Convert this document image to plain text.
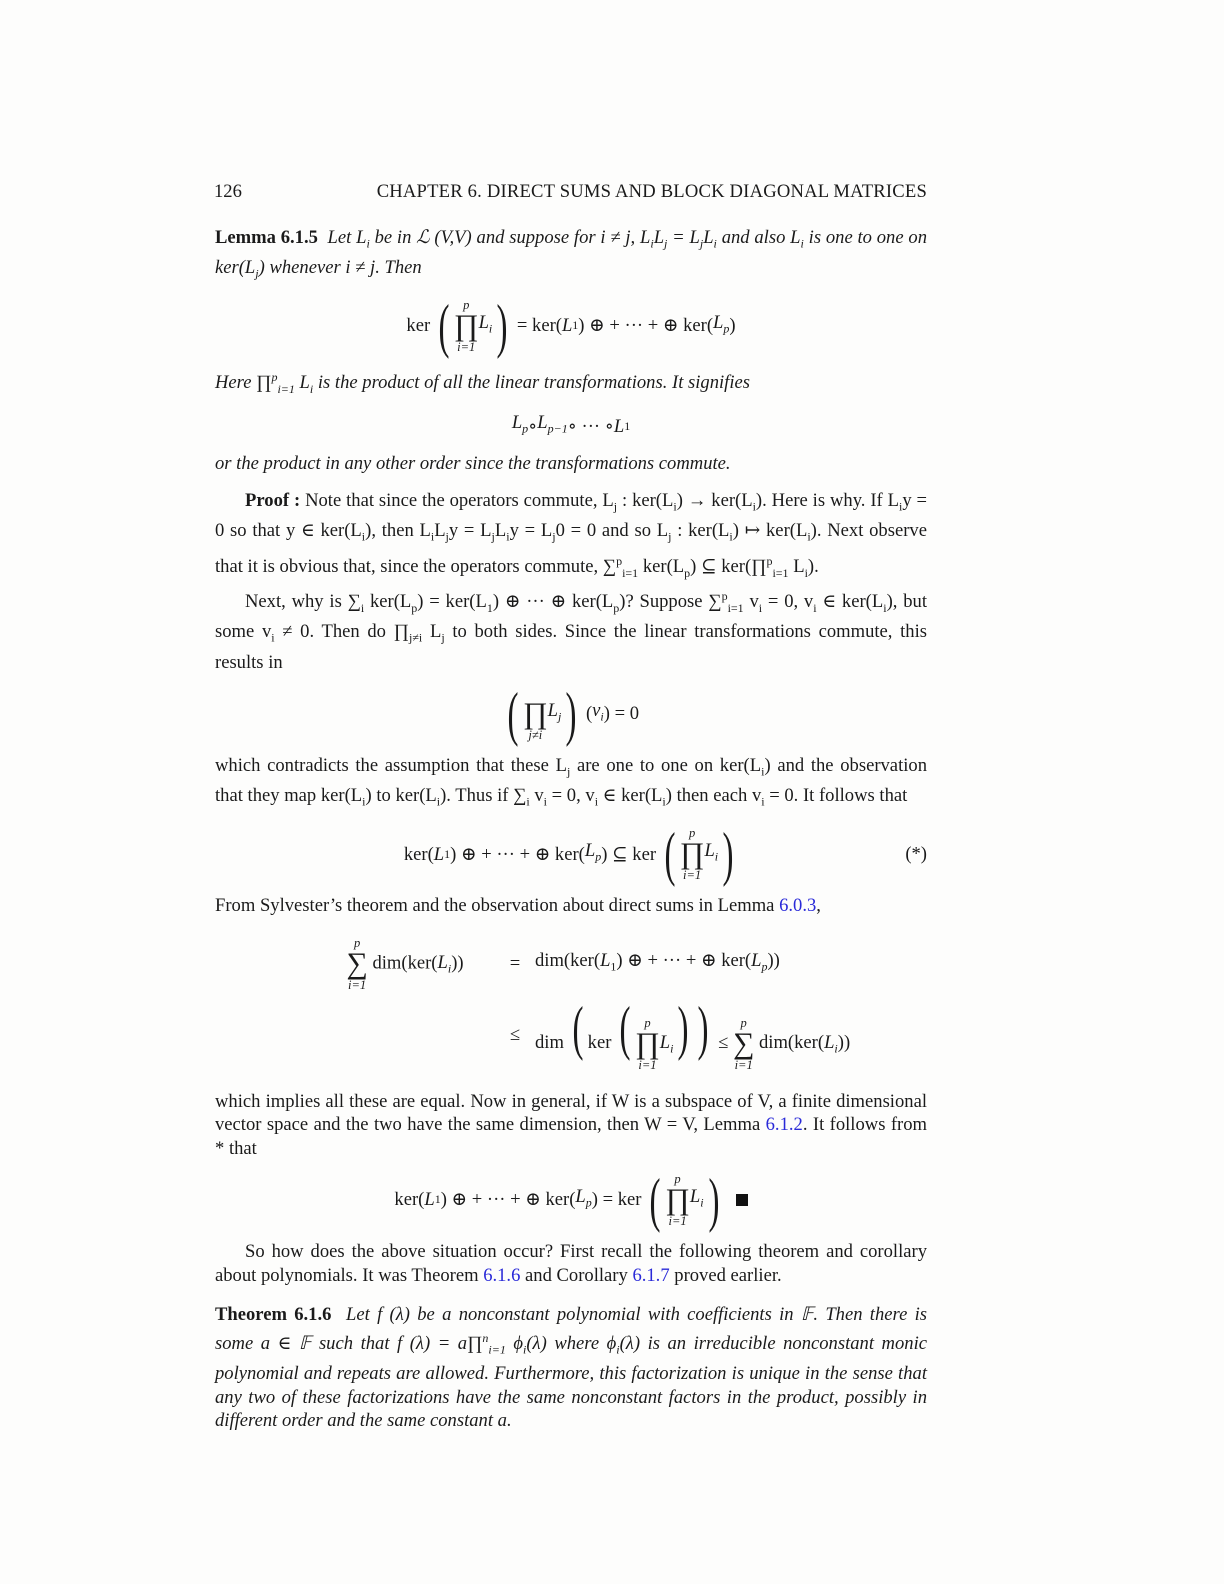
126	CHAPTER 6. DIRECT SUMS AND BLOCK DIAGONAL MATRICES

Lemma 6.1.5 Let $L_i$ be in ℒ (V,V) and suppose for i ≠ j, $L_iL_j = L_jL_i$ and also $L_i$ is one to one on $ker(L_j)$ whenever i ≠ j. Then

ker  ( p
∏
i=1
$L_i$ ) = ker( L 1 ) ⊕ + ··· + ⊕ ker( $L_p$ )

Here ∏$^p_{i=1}$ $L_i$ is the product of all the linear transformations. It signifies

$L_p$ ∘ $L_{p-1}$ ∘ ··· ∘ L 1

or the product in any other order since the transformations commute.

Proof : Note that since the operators commute, $L_j$ : $ker(L_i) \to ker(L_i)$. Here is why. If $L_iy = 0$ so that y ∈ $ker(L_i)$, then $L_iL_jy = L_jL_iy = L_j0 = 0$ and so $L_j$ : $ker(L_i)$ ↦ $ker(L_i)$. Next observe that it is obvious that, since the operators commute, ∑$^p_{i=1}$ $ker(L_p)$ ⊆ ker(∏$^p_{i=1}$ $L_i$).

Next, why is $\sum_i$ $ker(L_p) = ker(L_1)$ ⊕ ··· ⊕ $ker(L_p)$? Suppose ∑$^p_{i=1}$ $v_i = 0$, $v_i$ ∈ $ker(L_i)$, but some $v_i \ne 0$. Then do $\prod_{j\ne i}$ $L_j$ to both sides. Since the linear transformations commute, this results in

(
∏
j≠i
$L_j$ ) ( $v_i$ ) = 0

which contradicts the assumption that these $L_j$ are one to one on $ker(L_i)$ and the observation that they map $ker(L_i)$ to $ker(L_i)$. Thus if $\sum_i$ $v_i = 0$, $v_i$ ∈ $ker(L_i)$ then each $v_i = 0$. It follows that

ker( L 1 ) ⊕ + ··· + ⊕ ker( $L_p$ ) ⊆ ker  ( p
∏
i=1
$L_i$ )	(*)

From Sylvester’s theorem and the observation about direct sums in Lemma 6.0.3,

p
∑
i=1
$dim(ker(L_i))$	= $dim(ker(L_1)$ ⊕ + ··· + ⊕ $ker(L_p)$)
≤ dim ( ker ( p
∏
i=1
$L_i$) ) ≤
p
∑
i=1
$dim(ker(L_i))$

which implies all these are equal. Now in general, if W is a subspace of V, a finite dimensional vector space and the two have the same dimension, then W = V, Lemma 6.1.2. It follows from * that

ker( L 1 ) ⊕ + ··· + ⊕ ker( $L_p$ ) = ker  ( p
∏
i=1
$L_i$ )

So how does the above situation occur? First recall the following theorem and corollary about polynomials. It was Theorem 6.1.6 and Corollary 6.1.7 proved earlier.

Theorem 6.1.6 Let f (λ) be a nonconstant polynomial with coefficients in 𝔽. Then there is some a ∈ 𝔽 such that f (λ) = a∏$^n_{i=1}$ $\phi_i(\lambda)$ where $\phi_i(\lambda)$ is an irreducible nonconstant monic polynomial and repeats are allowed. Furthermore, this factorization is unique in the sense that any two of these factorizations have the same nonconstant factors in the product, possibly in different order and the same constant a.
